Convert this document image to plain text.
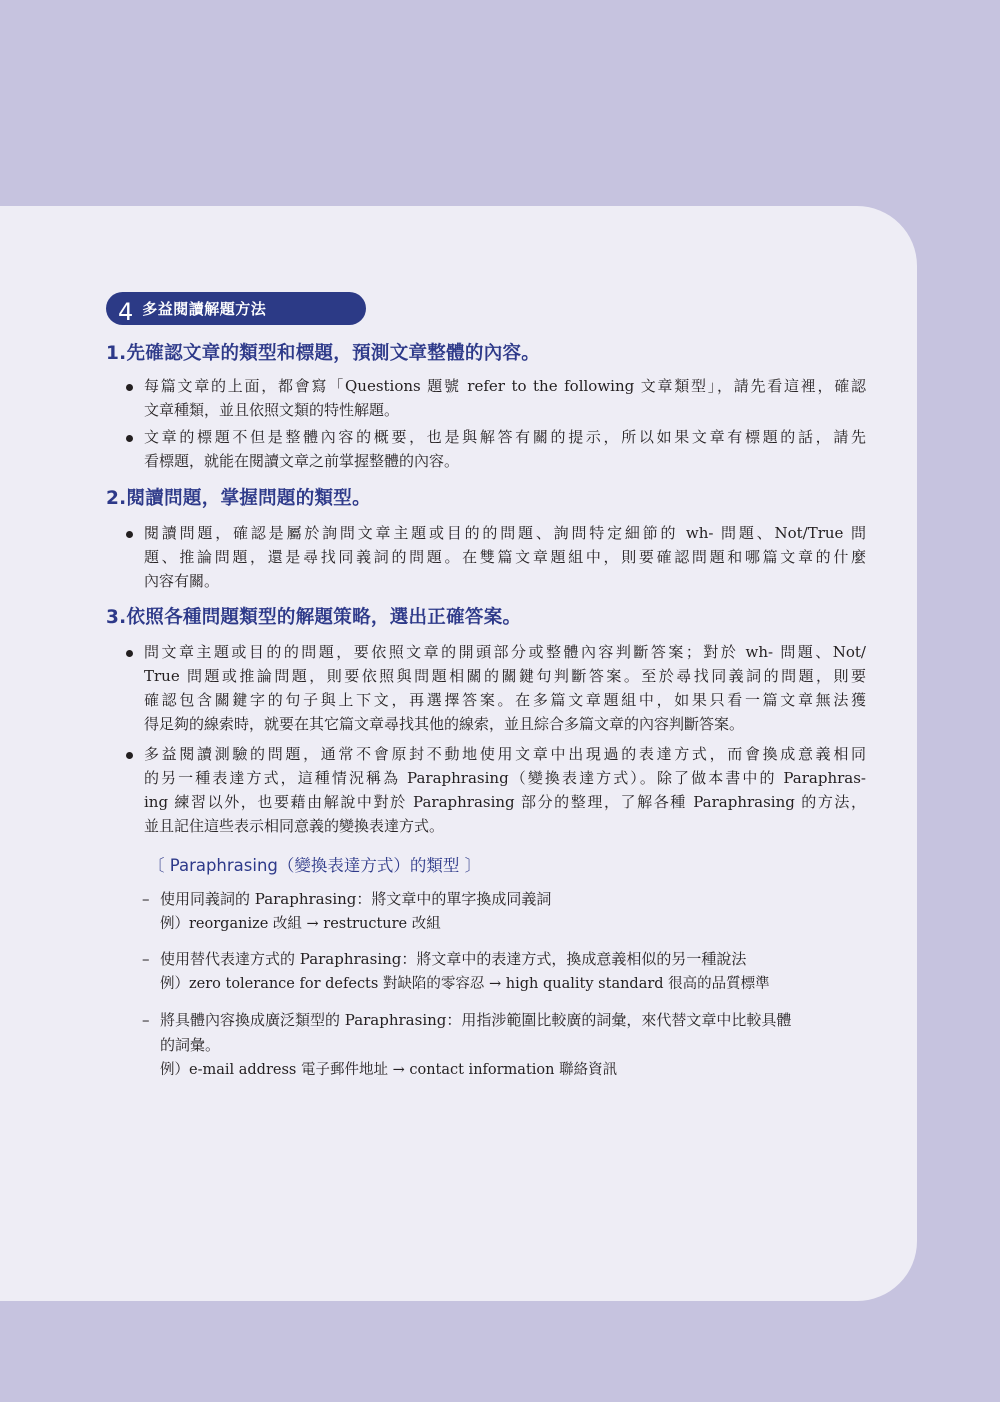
4 多益閱讀解題方法
1.先確認文章的類型和標題，預測文章整體的內容。
每篇文章的上面，都會寫「Questions 題號 refer to the following 文章類型」，請先看這裡，確認
文章種類，並且依照文類的特性解題。
文章的標題不但是整體內容的概要，也是與解答有關的提示，所以如果文章有標題的話，請先
看標題，就能在閱讀文章之前掌握整體的內容。
2.閱讀問題，掌握問題的類型。
閱讀問題，確認是屬於詢問文章主題或目的的問題、詢問特定細節的 wh- 問題、Not/True 問
題、推論問題，還是尋找同義詞的問題。在雙篇文章題組中，則要確認問題和哪篇文章的什麼
內容有關。
3.依照各種問題類型的解題策略，選出正確答案。
問文章主題或目的的問題，要依照文章的開頭部分或整體內容判斷答案；對於 wh- 問題、Not/
True 問題或推論問題，則要依照與問題相關的關鍵句判斷答案。至於尋找同義詞的問題，則要
確認包含關鍵字的句子與上下文，再選擇答案。在多篇文章題組中，如果只看一篇文章無法獲
得足夠的線索時，就要在其它篇文章尋找其他的線索，並且綜合多篇文章的內容判斷答案。
多益閱讀測驗的問題，通常不會原封不動地使用文章中出現過的表達方式，而會換成意義相同
的另一種表達方式，這種情況稱為 Paraphrasing（變換表達方式）。除了做本書中的 Paraphras-
ing 練習以外，也要藉由解說中對於 Paraphrasing 部分的整理，了解各種 Paraphrasing 的方法，
並且記住這些表示相同意義的變換表達方式。
〔 Paraphrasing（變換表達方式）的類型 〕
– 使用同義詞的 Paraphrasing：將文章中的單字換成同義詞
例）reorganize 改組 → restructure 改組
– 使用替代表達方式的 Paraphrasing：將文章中的表達方式，換成意義相似的另一種說法
例）zero tolerance for defects 對缺陷的零容忍 → high quality standard 很高的品質標準
– 將具體內容換成廣泛類型的 Paraphrasing：用指涉範圍比較廣的詞彙，來代替文章中比較具體
的詞彙。
例）e-mail address 電子郵件地址 → contact information 聯絡資訊
